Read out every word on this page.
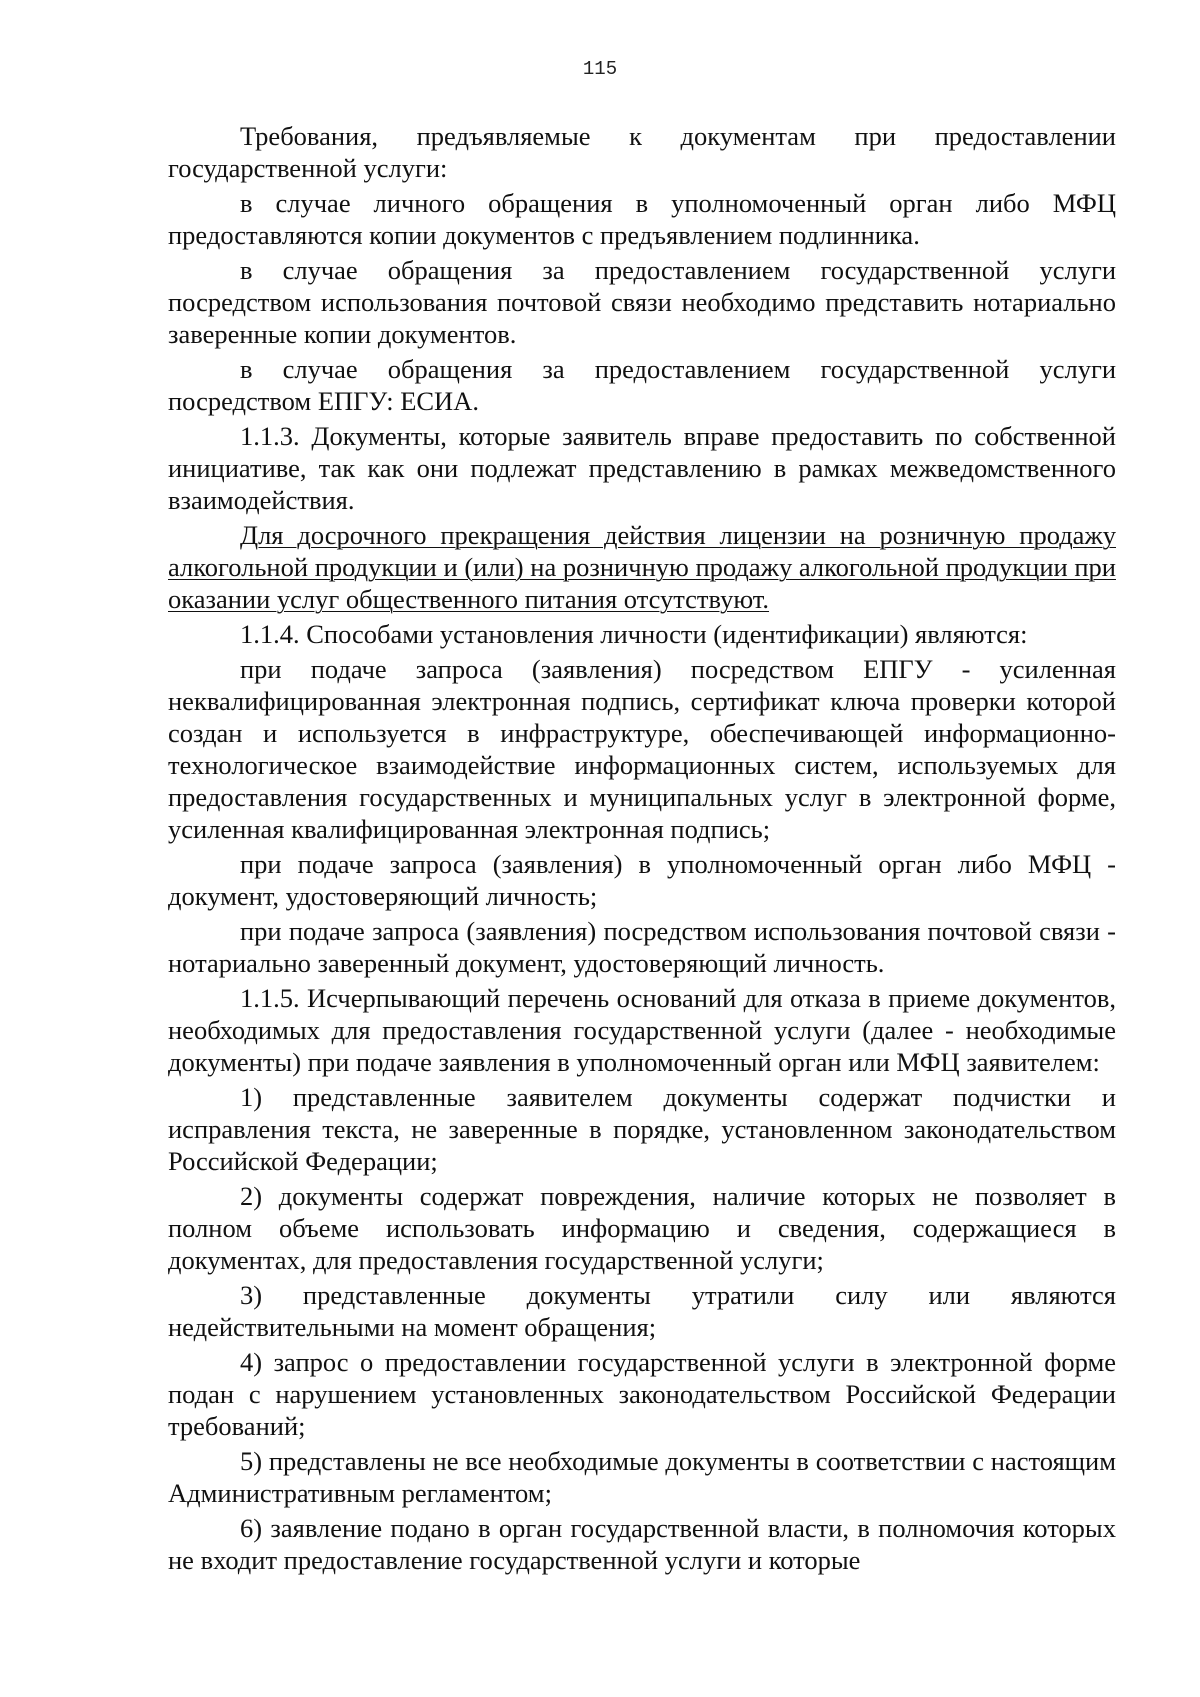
115

Требования, предъявляемые к документам при предоставлении государственной услуги:

в случае личного обращения в уполномоченный орган либо МФЦ предоставляются копии документов с предъявлением подлинника.

в случае обращения за предоставлением государственной услуги посредством использования почтовой связи необходимо представить нотариально заверенные копии документов.

в случае обращения за предоставлением государственной услуги посредством ЕПГУ: ЕСИА.

1.1.3. Документы, которые заявитель вправе предоставить по собственной инициативе, так как они подлежат представлению в рамках межведомственного взаимодействия.

Для досрочного прекращения действия лицензии на розничную продажу алкогольной продукции и (или) на розничную продажу алкогольной продукции при оказании услуг общественного питания отсутствуют.

1.1.4. Способами установления личности (идентификации) являются:

при подаче запроса (заявления) посредством ЕПГУ - усиленная неквалифицированная электронная подпись, сертификат ключа проверки которой создан и используется в инфраструктуре, обеспечивающей информационно-технологическое взаимодействие информационных систем, используемых для предоставления государственных и муниципальных услуг в электронной форме, усиленная квалифицированная электронная подпись;

при подаче запроса (заявления) в уполномоченный орган либо МФЦ - документ, удостоверяющий личность;

при подаче запроса (заявления) посредством использования почтовой связи - нотариально заверенный документ, удостоверяющий личность.

1.1.5. Исчерпывающий перечень оснований для отказа в приеме документов, необходимых для предоставления государственной услуги (далее - необходимые документы) при подаче заявления в уполномоченный орган или МФЦ заявителем:

1) представленные заявителем документы содержат подчистки и исправления текста, не заверенные в порядке, установленном законодательством Российской Федерации;

2) документы содержат повреждения, наличие которых не позволяет в полном объеме использовать информацию и сведения, содержащиеся в документах, для предоставления государственной услуги;

3) представленные документы утратили силу или являются недействительными на момент обращения;

4) запрос о предоставлении государственной услуги в электронной форме подан с нарушением установленных законодательством Российской Федерации требований;

5) представлены не все необходимые документы в соответствии с настоящим Административным регламентом;

6) заявление подано в орган государственной власти, в полномочия которых не входит предоставление государственной услуги и которые
